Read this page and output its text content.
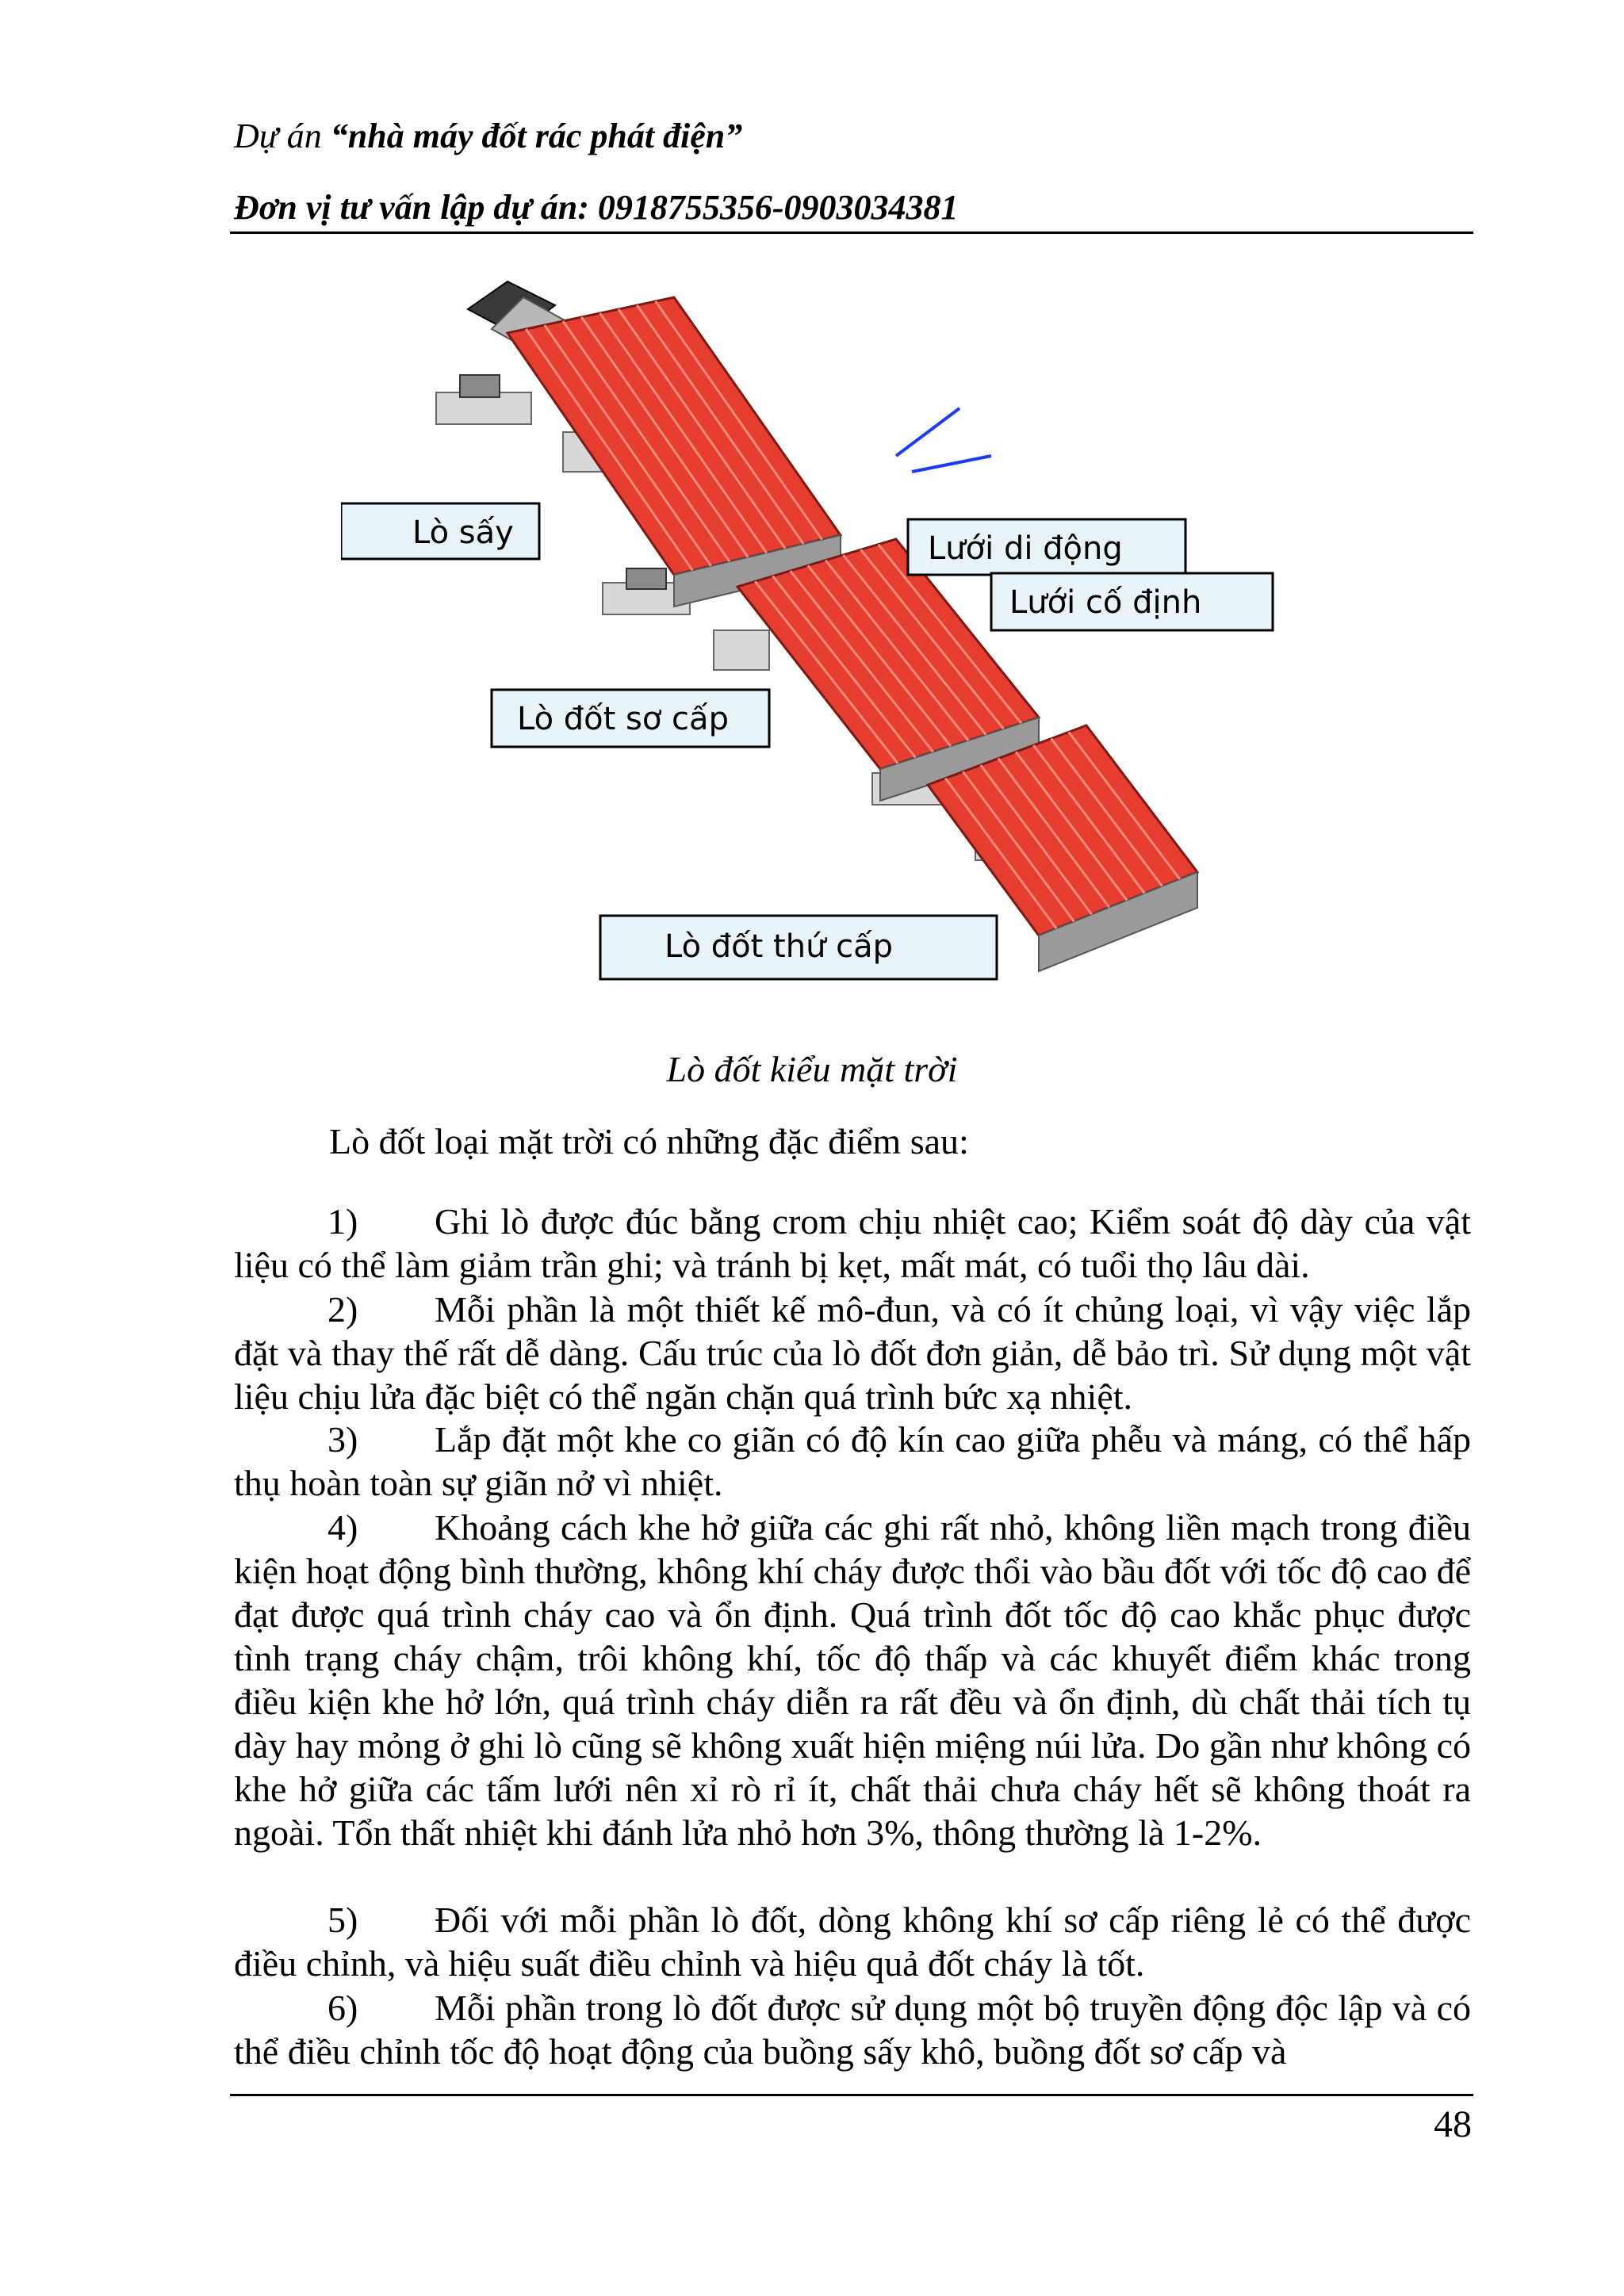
Dự án “nhà máy đốt rác phát điện”
Đơn vị tư vấn lập dự án: 0918755356-0903034381
Lò sấy	Lưới di động
Lưới cố định
Lò đốt sơ cấp
Lò đốt thứ cấp
Lò đốt kiểu mặt trời
Lò đốt loại mặt trời có những đặc điểm sau:
1) Ghi lò được đúc bằng crom chịu nhiệt cao; Kiểm soát độ dày của vật liệu có thể làm giảm trần ghi; và tránh bị kẹt, mất mát, có tuổi thọ lâu dài.
2) Mỗi phần là một thiết kế mô-đun, và có ít chủng loại, vì vậy việc lắp đặt và thay thế rất dễ dàng. Cấu trúc của lò đốt đơn giản, dễ bảo trì. Sử dụng một vật liệu chịu lửa đặc biệt có thể ngăn chặn quá trình bức xạ nhiệt.
3) Lắp đặt một khe co giãn có độ kín cao giữa phễu và máng, có thể hấp thụ hoàn toàn sự giãn nở vì nhiệt.
4) Khoảng cách khe hở giữa các ghi rất nhỏ, không liền mạch trong điều kiện hoạt động bình thường, không khí cháy được thổi vào bầu đốt với tốc độ cao để đạt được quá trình cháy cao và ổn định. Quá trình đốt tốc độ cao khắc phục được tình trạng cháy chậm, trôi không khí, tốc độ thấp và các khuyết điểm khác trong điều kiện khe hở lớn, quá trình cháy diễn ra rất đều và ổn định, dù chất thải tích tụ dày hay mỏng ở ghi lò cũng sẽ không xuất hiện miệng núi lửa. Do gần như không có khe hở giữa các tấm lưới nên xỉ rò rỉ ít, chất thải chưa cháy hết sẽ không thoát ra ngoài. Tổn thất nhiệt khi đánh lửa nhỏ hơn 3%, thông thường là 1-2%.
5) Đối với mỗi phần lò đốt, dòng không khí sơ cấp riêng lẻ có thể được điều chỉnh, và hiệu suất điều chỉnh và hiệu quả đốt cháy là tốt.
6) Mỗi phần trong lò đốt được sử dụng một bộ truyền động độc lập và có thể điều chỉnh tốc độ hoạt động của buồng sấy khô, buồng đốt sơ cấp và
48
